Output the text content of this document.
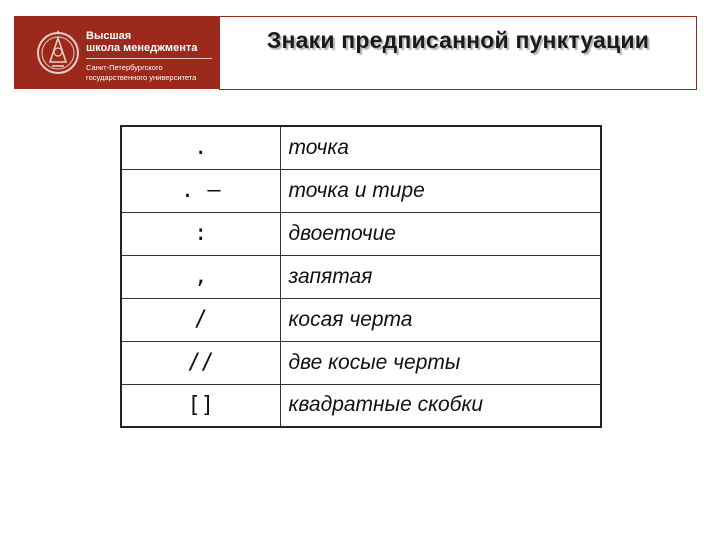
Высшая
школа менеджмента
Санкт-Петербургского
государственного университета
Знаки предписанной пунктуации
.	точка
. –	точка и тире
:	двоеточие
,	запятая
/	косая черта
//	две косые черты
[]	квадратные скобки
